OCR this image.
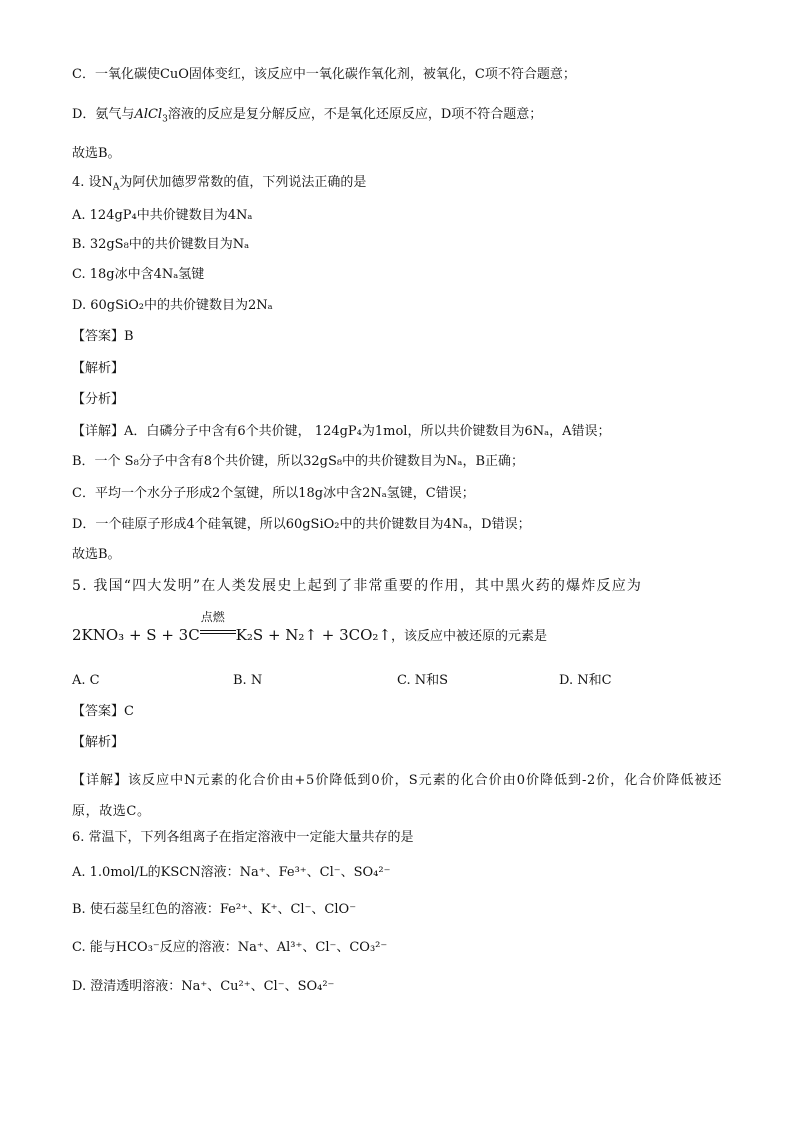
C．一氧化碳使CuO固体变红，该反应中一氧化碳作氧化剂，被氧化，C项不符合题意；
D．氨气与AlCl$_3$溶液的反应是复分解反应，不是氧化还原反应，D项不符合题意；
故选B。
4. 设$N_A$为阿伏加德罗常数的值，下列说法正确的是
A. 124gP₄中共价键数目为4Nₐ
B. 32gS₈中的共价键数目为Nₐ
C. 18g冰中含4Nₐ氢键
D. 60gSiO₂中的共价键数目为2Nₐ
【答案】B
【解析】
【分析】
【详解】A．白磷分子中含有6个共价键， 124gP₄为1mol，所以共价键数目为6Nₐ，A错误；
B．一个 S₈分子中含有8个共价键，所以32gS₈中的共价键数目为Nₐ，B正确；
C．平均一个水分子形成2个氢键，所以18g冰中含2Nₐ氢键，C错误；
D．一个硅原子形成4个硅氧键，所以60gSiO₂中的共价键数目为4Nₐ，D错误；
故选B。
5. 我国“四大发明”在人类发展史上起到了非常重要的作用，其中黑火药的爆炸反应为
2KNO₃ + S + 3C
点燃
K₂S + N₂↑ + 3CO₂↑，该反应中被还原的元素是
A. C	B. N	C. N和S	D. N和C
【答案】C
【解析】
【详解】该反应中N元素的化合价由+5价降低到0价，S元素的化合价由0价降低到-2价，化合价降低被还原，故选C。
6. 常温下，下列各组离子在指定溶液中一定能大量共存的是
A. 1.0mol/L的KSCN溶液：Na⁺、Fe³⁺、Cl⁻、SO₄²⁻
B. 使石蕊呈红色的溶液：Fe²⁺、K⁺、Cl⁻、ClO⁻
C. 能与HCO₃⁻反应的溶液：Na⁺、Al³⁺、Cl⁻、CO₃²⁻
D. 澄清透明溶液：Na⁺、Cu²⁺、Cl⁻、SO₄²⁻
